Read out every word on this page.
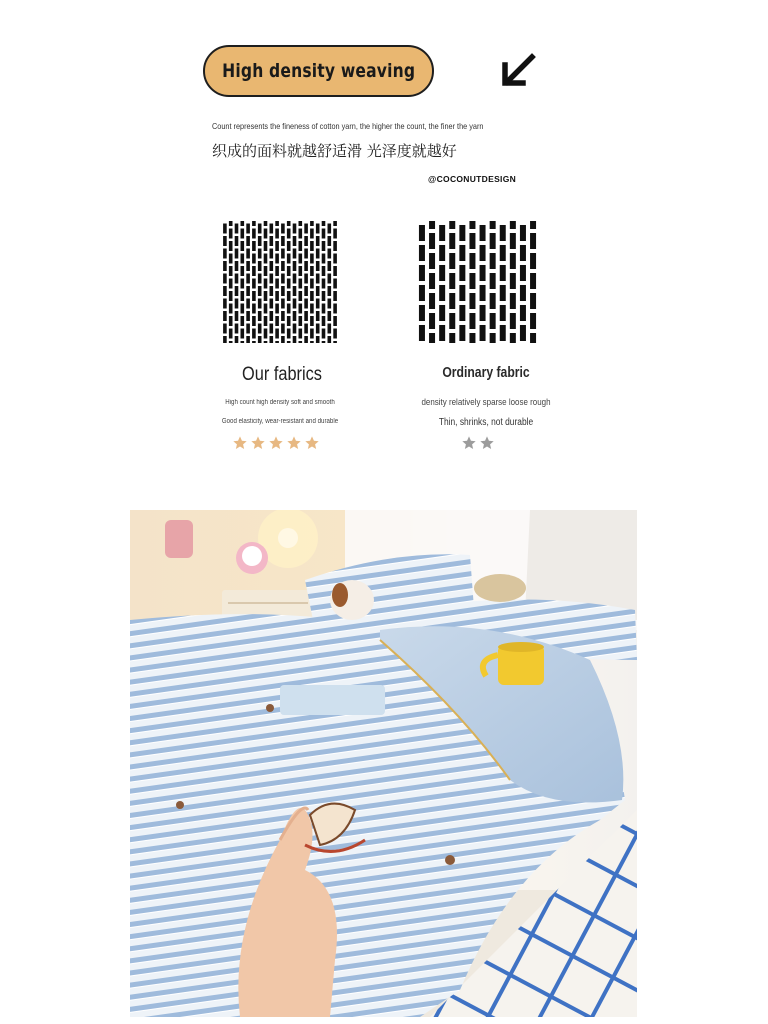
High density weaving
Count represents the fineness of cotton yarn, the higher the count, the finer the yarn
织成的面料就越舒适滑 光泽度就越好
@COCONUTDESIGN
Our fabrics
High count high density soft and smooth
Good elasticity, wear-resistant and durable
Ordinary fabric
density relatively sparse loose rough
Thin, shrinks, not durable
